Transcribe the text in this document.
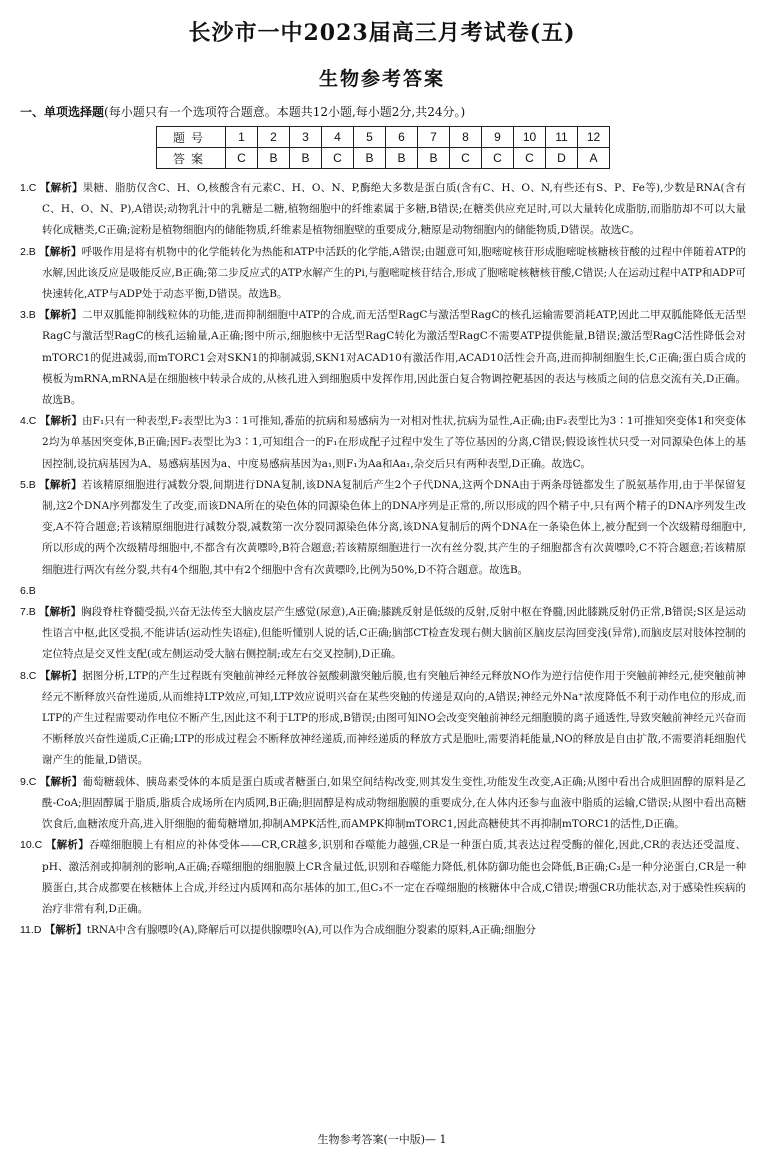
长沙市一中2023届高三月考试卷(五)
生物参考答案
一、单项选择题(每小题只有一个选项符合题意。本题共12小题,每小题2分,共24分。)
题号	1	2	3	4	5	6	7	8	9	10	11	12
答案	C	B	B	C	B	B	B	C	C	C	D	A

1.C 【解析】果糖、脂肪仅含C、H、O,核酸含有元素C、H、O、N、P,酶绝大多数是蛋白质(含有C、H、O、N,有些还有S、P、Fe等),少数是RNA(含有C、H、O、N、P),A错误;动物乳汁中的乳糖是二糖,植物细胞中的纤维素属于多糖,B错误;在糖类供应充足时,可以大量转化成脂肪,而脂肪却不可以大量转化成糖类,C正确;淀粉是植物细胞内的储能物质,纤维素是植物细胞壁的重要成分,糖原是动物细胞内的储能物质,D错误。故选C。

2.B 【解析】呼吸作用是将有机物中的化学能转化为热能和ATP中活跃的化学能,A错误;由题意可知,胞嘧啶核苷形成胞嘧啶核糖核苷酸的过程中伴随着ATP的水解,因此该反应是吸能反应,B正确;第二步反应式的ATP水解产生的Pi,与胞嘧啶核苷结合,形成了胞嘧啶核糖核苷酸,C错误;人在运动过程中ATP和ADP可快速转化,ATP与ADP处于动态平衡,D错误。故选B。

3.B 【解析】二甲双胍能抑制线粒体的功能,进而抑制细胞中ATP的合成,而无活型RagC与激活型RagC的核孔运输需要消耗ATP,因此二甲双胍能降低无活型RagC与激活型RagC的核孔运输量,A正确;图中所示,细胞核中无活型RagC转化为激活型RagC不需要ATP提供能量,B错误;激活型RagC活性降低会对mTORC1的促进减弱,而mTORC1会对SKN1的抑制减弱,SKN1对ACAD10有激活作用,ACAD10活性会升高,进而抑制细胞生长,C正确;蛋白质合成的模板为mRNA,mRNA是在细胞核中转录合成的,从核孔进入到细胞质中发挥作用,因此蛋白复合物调控靶基因的表达与核质之间的信息交流有关,D正确。故选B。

4.C 【解析】由F₁只有一种表型,F₂表型比为3∶1可推知,番茄的抗病和易感病为一对相对性状,抗病为显性,A正确;由F₂表型比为3∶1可推知突变体1和突变体2均为单基因突变体,B正确;因F₂表型比为3∶1,可知组合一的F₁在形成配子过程中发生了等位基因的分离,C错误;假设该性状只受一对同源染色体上的基因控制,设抗病基因为A、易感病基因为a、中度易感病基因为a₁,则F₁为Aa和Aa₁,杂交后只有两种表型,D正确。故选C。

5.B 【解析】若该精原细胞进行减数分裂,间期进行DNA复制,该DNA复制后产生2个子代DNA,这两个DNA由于两条母链都发生了脱氨基作用,由于半保留复制,这2个DNA序列都发生了改变,而该DNA所在的染色体的同源染色体上的DNA序列是正常的,所以形成的四个精子中,只有两个精子的DNA序列发生改变,A不符合题意;若该精原细胞进行减数分裂,减数第一次分裂同源染色体分离,该DNA复制后的两个DNA在一条染色体上,被分配到一个次级精母细胞中,所以形成的两个次级精母细胞中,不都含有次黄嘌呤,B符合题意;若该精原细胞进行一次有丝分裂,其产生的子细胞都含有次黄嘌呤,C不符合题意;若该精原细胞进行两次有丝分裂,共有4个细胞,其中有2个细胞中含有次黄嘌呤,比例为50%,D不符合题意。故选B。

6.B

7.B 【解析】胸段脊柱脊髓受损,兴奋无法传至大脑皮层产生感觉(尿意),A正确;膝跳反射是低级的反射,反射中枢在脊髓,因此膝跳反射仍正常,B错误;S区是运动性语言中枢,此区受损,不能讲话(运动性失语症),但能听懂别人说的话,C正确;脑部CT检查发现右侧大脑前区脑皮层沟回变浅(异常),而脑皮层对肢体控制的定位特点是交叉性支配(或左侧运动受大脑右侧控制;或左右交叉控制),D正确。

8.C 【解析】据图分析,LTP的产生过程既有突触前神经元释放谷氨酸刺激突触后膜,也有突触后神经元释放NO作为逆行信使作用于突触前神经元,使突触前神经元不断释放兴奋性递质,从而维持LTP效应,可知,LTP效应说明兴奋在某些突触的传递是双向的,A错误;神经元外Na⁺浓度降低不利于动作电位的形成,而LTP的产生过程需要动作电位不断产生,因此这不利于LTP的形成,B错误;由图可知NO会改变突触前神经元细胞膜的离子通透性,导致突触前神经元兴奋而不断释放兴奋性递质,C正确;LTP的形成过程会不断释放神经递质,而神经递质的释放方式是胞吐,需要消耗能量,NO的释放是自由扩散,不需要消耗细胞代谢产生的能量,D错误。

9.C 【解析】葡萄糖载体、胰岛素受体的本质是蛋白质或者糖蛋白,如果空间结构改变,则其发生变性,功能发生改变,A正确;从图中看出合成胆固醇的原料是乙酰-CoA;胆固醇属于脂质,脂质合成场所在内质网,B正确;胆固醇是构成动物细胞膜的重要成分,在人体内还参与血液中脂质的运输,C错误;从图中看出高糖饮食后,血糖浓度升高,进入肝细胞的葡萄糖增加,抑制AMPK活性,而AMPK抑制mTORC1,因此高糖使其不再抑制mTORC1的活性,D正确。

10.C 【解析】吞噬细胞膜上有相应的补体受体——CR,CR越多,识别和吞噬能力越强,CR是一种蛋白质,其表达过程受酶的催化,因此,CR的表达还受温度、pH、激活剂或抑制剂的影响,A正确;吞噬细胞的细胞膜上CR含量过低,识别和吞噬能力降低,机体防御功能也会降低,B正确;C₃是一种分泌蛋白,CR是一种膜蛋白,其合成都要在核糖体上合成,并经过内质网和高尔基体的加工,但C₃不一定在吞噬细胞的核糖体中合成,C错误;增强CR功能状态,对于感染性疾病的治疗非常有利,D正确。

11.D 【解析】tRNA中含有腺嘌呤(A),降解后可以提供腺嘌呤(A),可以作为合成细胞分裂素的原料,A正确;细胞分

生物参考答案(一中版)— 1
